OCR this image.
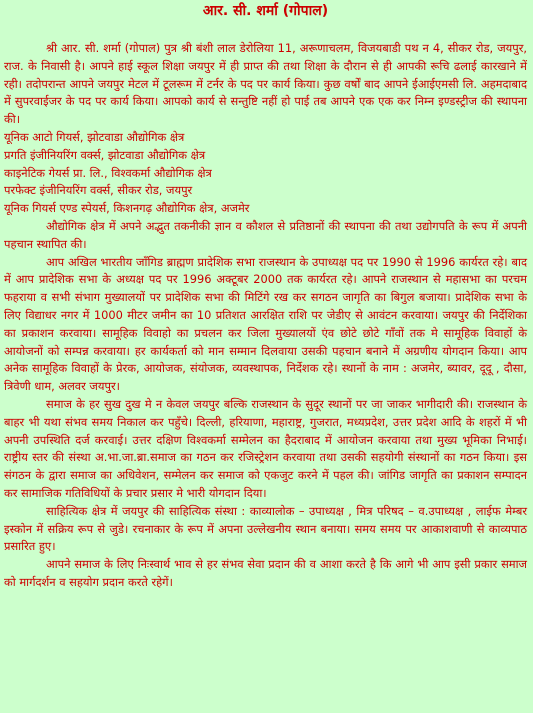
आर. सी. शर्मा (गोपाल)

श्री आर. सी. शर्मा (गोपाल) पुत्र श्री बंशी लाल डेरोलिया 11, अरूणाचलम, विजयबाडी पथ न 4, सीकर रोड, जयपुर, राज. के निवासी है। आपने हाई स्कूल शिक्षा जयपुर में ही प्राप्त की तथा शिक्षा के दौरान से ही आपकी रूचि ढलाई कारखाने में रही। तदोपरान्त आपने जयपुर मेटल में टूलरूम में टर्नर के पद पर कार्य किया। कुछ वर्षों बाद आपने ईआईएमसी लि. अहमदाबाद में सुपरवाईजर के पद पर कार्य किया। आपको कार्य से सन्तुष्टि नहीं हो पाई तब आपने एक एक कर निम्न इण्डस्ट्रीज की स्थापना की।

यूनिक आटो गियर्स, झोटवाडा औद्योगिक क्षेत्र
प्रगति इंजीनियरिंग वर्क्स, झोटवाडा औद्योगिक क्षेत्र
काइनेटिक गेयर्स प्रा. लि., विश्वकर्मा औद्योगिक क्षेत्र
परफेक्ट इंजीनियरिंग वर्क्स, सीकर रोड, जयपुर
यूनिक गियर्स एण्ड स्पेयर्स, किशनगढ़ औद्योगिक क्षेत्र, अजमेर

औद्योगिक क्षेत्र में अपने अद्भुत तकनीकी ज्ञान व कौशल से प्रतिष्ठानों की स्थापना की तथा उद्योगपति के रूप में अपनी पहचान स्थापित की।

आप अखिल भारतीय जाँगिड ब्राह्मण प्रादेशिक सभा राजस्थान के उपाध्यक्ष पद पर 1990 से 1996 कार्यरत रहे। बाद में आप प्रादेशिक सभा के अध्यक्ष पद पर 1996 अक्टूबर 2000 तक कार्यरत रहे। आपने राजस्थान से महासभा का परचम फहराया व सभी संभाग मुख्यालयों पर प्रादेशिक सभा की मिटिंगे रख कर सगठन जागृति का बिगुल बजाया। प्रादेशिक सभा के लिए विद्याधर नगर में 1000 मीटर जमीन का 10 प्रतिशत आरक्षित राशि पर जेडीए से आवंटन करवाया। जयपुर की निर्देशिका का प्रकाशन करवाया। सामूहिक विवाहो का प्रचलन कर जिला मुख्यालयों एंव छोटे छोटे गाँवों तक मे सामूहिक विवाहों के आयोजनों को सम्पन्न करवाया। हर कार्यकर्ता को मान सम्मान दिलवाया उसकी पहचान बनाने में अग्रणीय योगदान किया। आप अनेक सामूहिक विवाहों के प्रेरक, आयोजक, संयोजक, व्यवस्थापक, निर्देशक रहे। स्थानों के नाम : अजमेर, ब्यावर, दूदू , दौसा, त्रिवेणी धाम, अलवर जयपुर।

समाज के हर सुख दुख मे न केवल जयपुर बल्कि राजस्थान के सुदूर स्थानों पर जा जाकर भागीदारी की। राजस्थान के बाहर भी यथा संभव समय निकाल कर पहुँचे। दिल्ली, हरियाणा, महाराष्ट्र, गुजरात, मध्यप्रदेश, उत्तर प्रदेश आदि के शहरों में भी अपनी उपस्थिति दर्ज करवाई। उत्तर दक्षिण विश्वकर्मा सम्मेलन का हैदराबाद में आयोजन करवाया तथा मुख्य भूमिका निभाई। राष्ट्रीय स्तर की संस्था अ.भा.जा.ब्रा.समाज का गठन कर रजिस्ट्रेशन करवाया तथा उसकी सहयोगी संस्थानों का गठन किया। इस संगठन के द्वारा समाज का अधिवेशन, सम्मेलन कर समाज को एकजुट करने में पहल की। जांगिड जागृति का प्रकाशन सम्पादन कर सामाजिक गतिविधियों के प्रचार प्रसार मे भारी योगदान दिया।

साहित्यिक क्षेत्र में जयपुर की साहित्यिक संस्था : काव्यालोक – उपाध्यक्ष , मित्र परिषद – व.उपाध्यक्ष , लाईफ मेम्बर इस्कोन में सक्रिय रूप से जुडे। रचनाकार के रूप में अपना उल्लेखनीय स्थान बनाया। समय समय पर आकाशवाणी से काव्यपाठ प्रसारित हुए।

आपने समाज के लिए निःस्वार्थ भाव से हर संभव सेवा प्रदान की व आशा करते है कि आगे भी आप इसी प्रकार समाज को मार्गदर्शन व सहयोग प्रदान करते रहेगें।
